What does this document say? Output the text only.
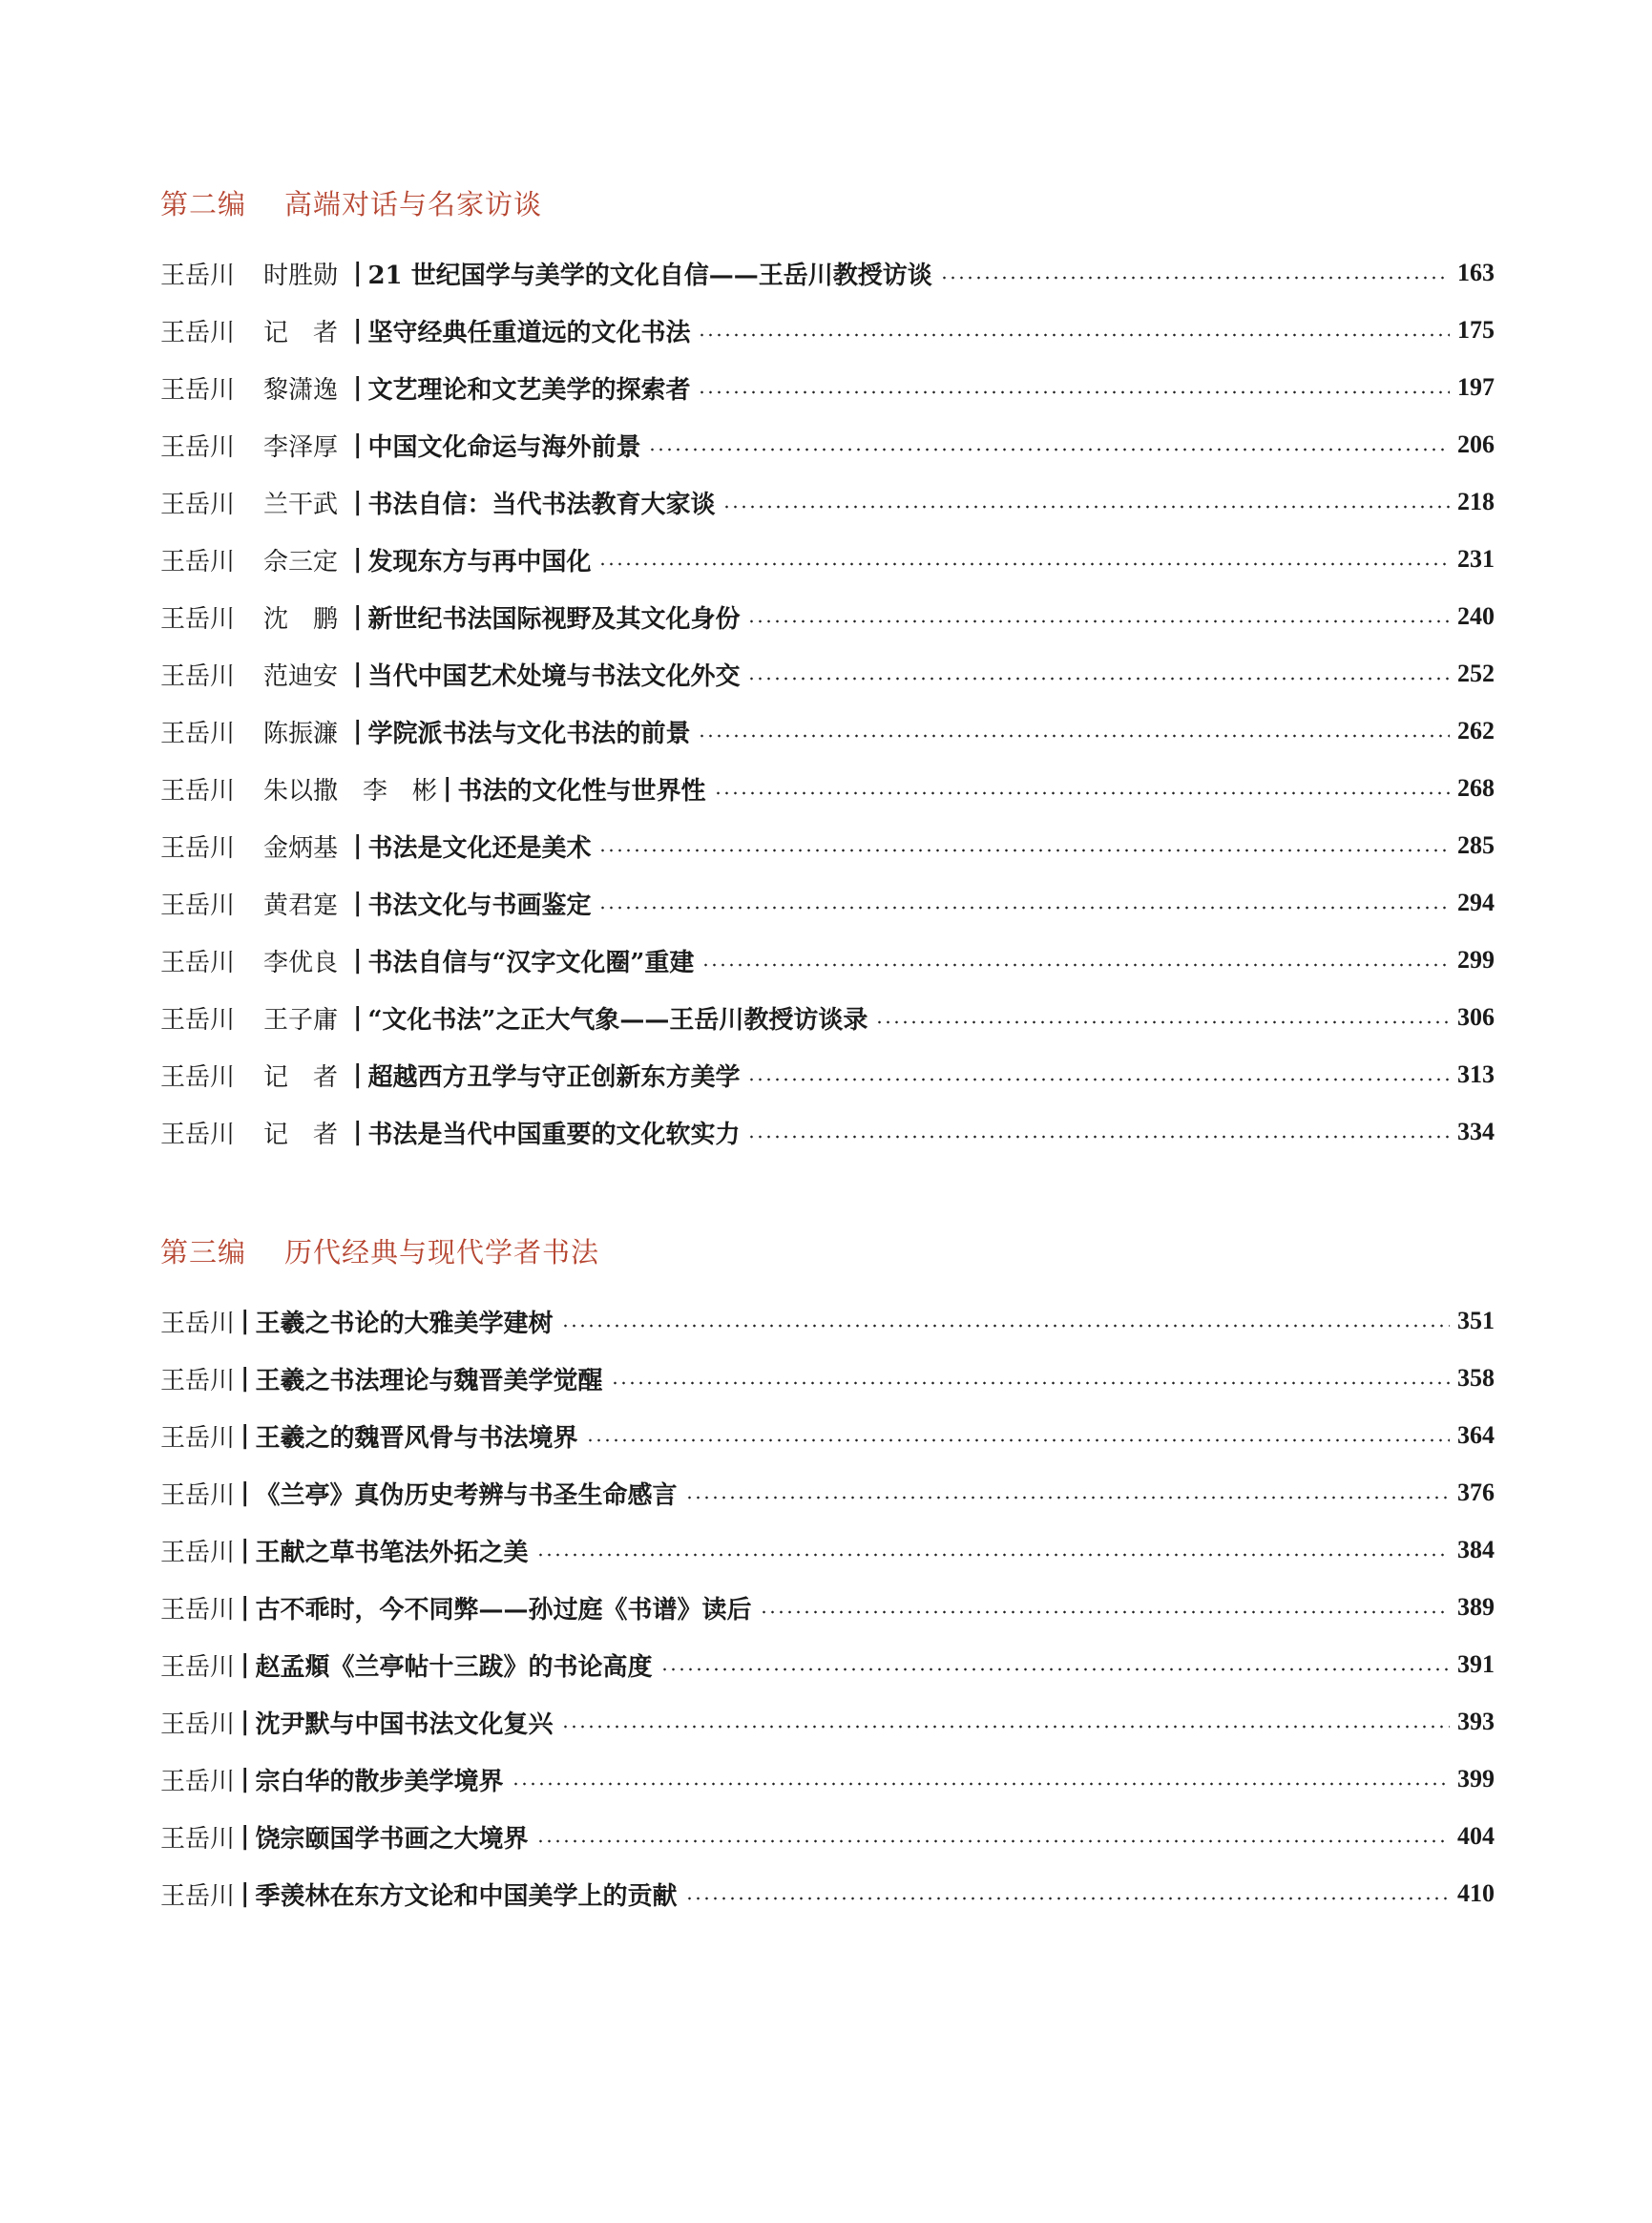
第二编 高端对话与名家访谈
王岳川	时胜勋 | 21 世纪国学与美学的文化自信——王岳川教授访谈	163
王岳川	记　者 | 坚守经典任重道远的文化书法	175
王岳川	黎潇逸 | 文艺理论和文艺美学的探索者	197
王岳川	李泽厚 | 中国文化命运与海外前景	206
王岳川	兰干武 | 书法自信：当代书法教育大家谈	218
王岳川	佘三定 | 发现东方与再中国化	231
王岳川	沈　鹏 | 新世纪书法国际视野及其文化身份	240
王岳川	范迪安 | 当代中国艺术处境与书法文化外交	252
王岳川	陈振濂 | 学院派书法与文化书法的前景	262
王岳川	朱以撒　李　彬 | 书法的文化性与世界性	268
王岳川	金炳基 | 书法是文化还是美术	285
王岳川	黄君寔 | 书法文化与书画鉴定	294
王岳川	李优良 | 书法自信与“汉字文化圈”重建	299
王岳川	王子庸 | “文化书法”之正大气象——王岳川教授访谈录	306
王岳川	记　者 | 超越西方丑学与守正创新东方美学	313
王岳川	记　者 | 书法是当代中国重要的文化软实力	334
第三编 历代经典与现代学者书法
王岳川 | 王羲之书论的大雅美学建树	351
王岳川 | 王羲之书法理论与魏晋美学觉醒	358
王岳川 | 王羲之的魏晋风骨与书法境界	364
王岳川 | 《兰亭》真伪历史考辨与书圣生命感言	376
王岳川 | 王献之草书笔法外拓之美	384
王岳川 | 古不乖时，今不同弊——孙过庭《书谱》读后	389
王岳川 | 赵孟頫《兰亭帖十三跋》的书论高度	391
王岳川 | 沈尹默与中国书法文化复兴	393
王岳川 | 宗白华的散步美学境界	399
王岳川 | 饶宗颐国学书画之大境界	404
王岳川 | 季羡林在东方文论和中国美学上的贡献	410
